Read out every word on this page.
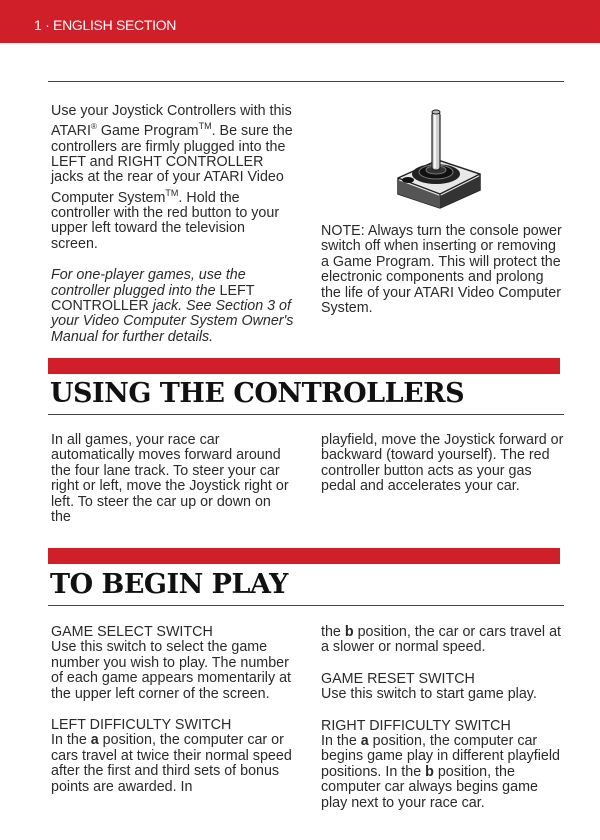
1 · ENGLISH SECTION

Use your Joystick Controllers with this ATARI® Game Program™. Be sure the controllers are firmly plugged into the LEFT and RIGHT CONTROLLER jacks at the rear of your ATARI Video Computer System™. Hold the controller with the red button to your upper left toward the television screen.

For one-player games, use the controller plugged into the LEFT CONTROLLER jack. See Section 3 of your Video Computer System Owner's Manual for further details.

NOTE: Always turn the console power switch off when inserting or removing a Game Program. This will protect the electronic components and prolong the life of your ATARI Video Computer System.

USING THE CONTROLLERS

In all games, your race car automatically moves forward around the four lane track. To steer your car right or left, move the Joystick right or left. To steer the car up or down on the

playfield, move the Joystick forward or backward (toward yourself). The red controller button acts as your gas pedal and accelerates your car.

TO BEGIN PLAY

GAME SELECT SWITCH

Use this switch to select the game number you wish to play. The number of each game appears momentarily at the upper left corner of the screen.

LEFT DIFFICULTY SWITCH

In the a position, the computer car or cars travel at twice their normal speed after the first and third sets of bonus points are awarded. In

the b position, the car or cars travel at a slower or normal speed.

GAME RESET SWITCH

Use this switch to start game play.

RIGHT DIFFICULTY SWITCH

In the a position, the computer car begins game play in different playfield positions. In the b position, the computer car always begins game play next to your race car.
